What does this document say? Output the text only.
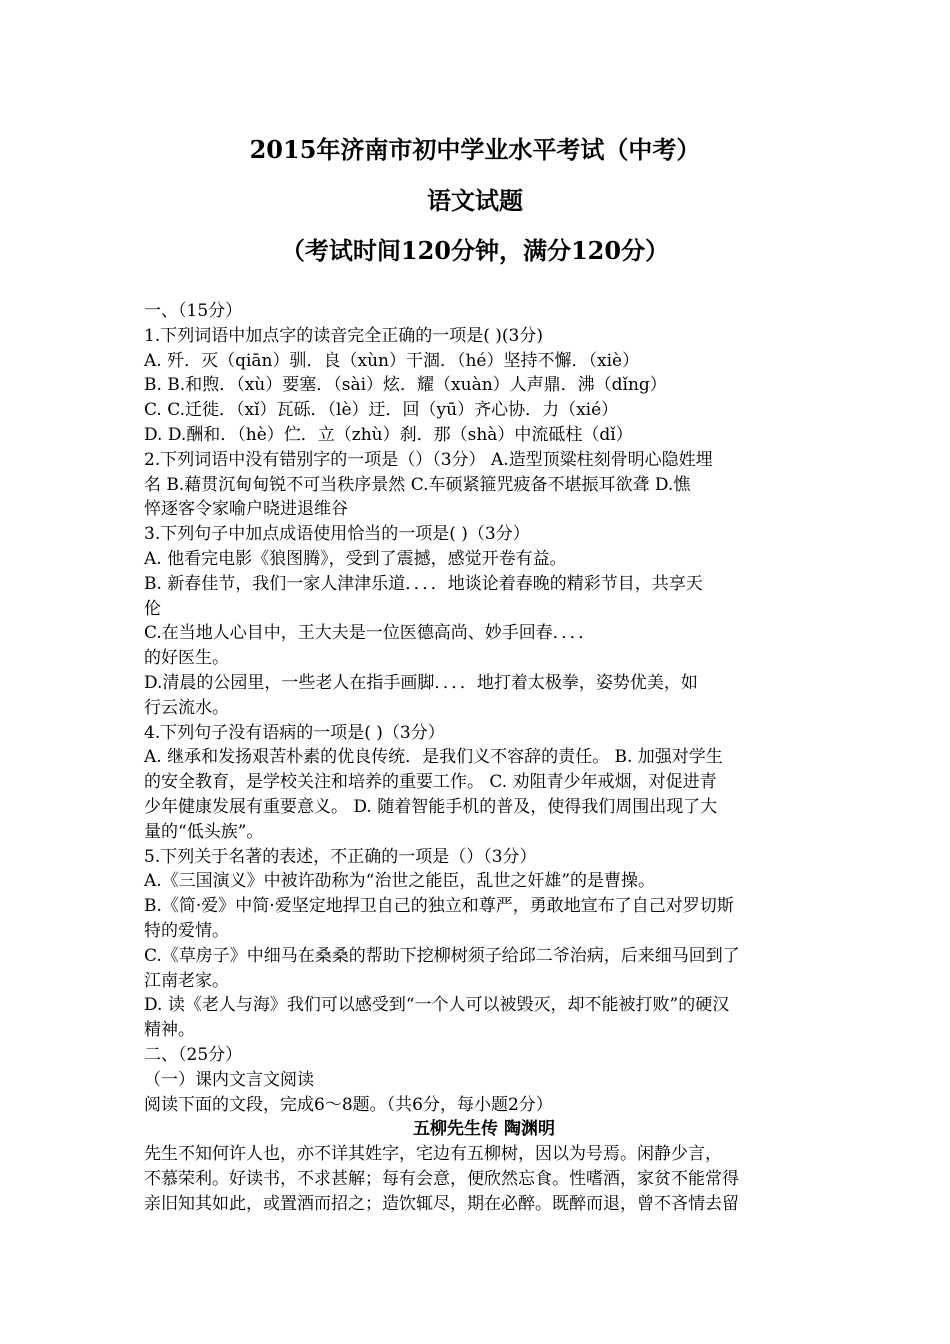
2015年济南市初中学业水平考试（中考）
语文试题
（考试时间120分钟，满分120分）

一、（15分）

1.下列词语中加点字的读音完全正确的一项是( )(3分)

A. 歼．灭（qiān）驯．良（xùn）干涸．（hé）坚持不懈．（xiè）

B. B.和煦．（xù）要塞．（sài）炫．耀（xuàn）人声鼎．沸（dǐng）

C. C.迁徙．（xǐ）瓦砾．（lè）迂．回（yū）齐心协．力（xié）

D. D.酬和．（hè）伫．立（zhù）刹．那（shà）中流砥柱（dǐ）

2.下列词语中没有错别字的一项是（）（3分） A.造型顶粱柱刻骨明心隐姓埋

名 B.藉贯沉甸甸锐不可当秩序景然 C.车硕紧箍咒疲备不堪振耳欲聋 D.憔

悴逐客令家喻户晓进退维谷

3.下列句子中加点成语使用恰当的一项是( )（3分）

A. 他看完电影《狼图腾》，受到了震撼，感觉开卷有益。

B. 新春佳节，我们一家人津津乐道．．．．地谈论着春晚的精彩节目，共享天

伦

C.在当地人心目中，王大夫是一位医德高尚、妙手回春．．．．

的好医生。

D.清晨的公园里，一些老人在指手画脚．．．．地打着太极拳，姿势优美，如

行云流水。

4.下列句子没有语病的一项是( )（3分）

A. 继承和发扬艰苦朴素的优良传统．是我们义不容辞的责任。 B. 加强对学生

的安全教育，是学校关注和培养的重要工作。 C. 劝阻青少年戒烟，对促进青

少年健康发展有重要意义。 D. 随着智能手机的普及，使得我们周围出现了大

量的“低头族”。

5.下列关于名著的表述，不正确的一项是（）（3分）

A.《三国演义》中被许劭称为“治世之能臣，乱世之奸雄”的是曹操。

B.《简·爱》中简·爱坚定地捍卫自己的独立和尊严，勇敢地宣布了自己对罗切斯

特的爱情。

C.《草房子》中细马在桑桑的帮助下挖柳树须子给邱二爷治病，后来细马回到了

江南老家。

D. 读《老人与海》我们可以感受到“一个人可以被毁灭，却不能被打败”的硬汉

精神。

二、（25分）

（一）课内文言文阅读

阅读下面的文段，完成6～8题。（共6分，每小题2分）

五柳先生传 陶渊明

先生不知何许人也，亦不详其姓字，宅边有五柳树，因以为号焉。闲静少言，

不慕荣利。好读书，不求甚解；每有会意，便欣然忘食。性嗜酒，家贫不能常得

亲旧知其如此，或置酒而招之；造饮辄尽，期在必醉。既醉而退，曾不吝情去留
